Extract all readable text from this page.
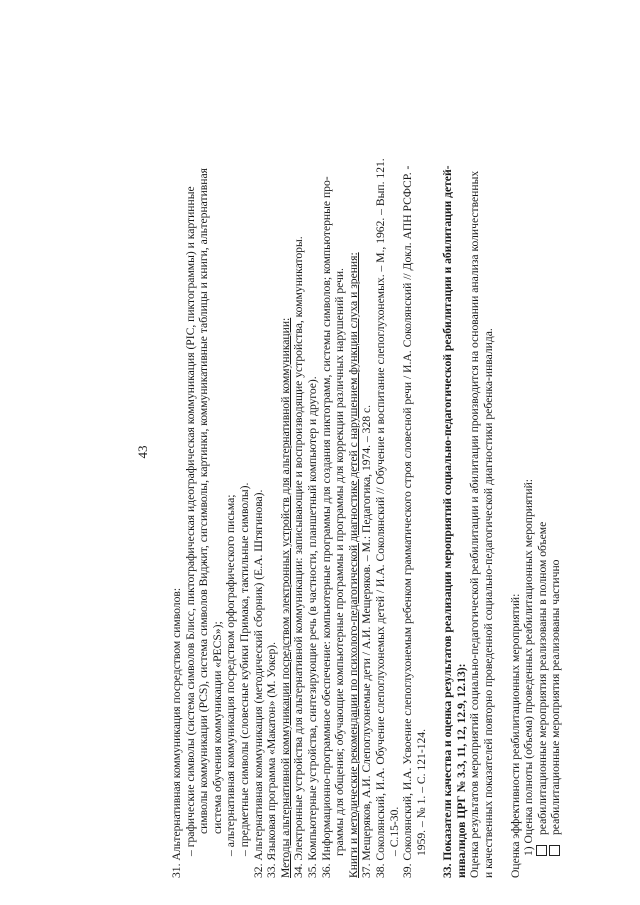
43
31. Альтернативная коммуникация посредством символов: – графические символы (система символов Блисс, пиктографическая идеографическая коммуникация (PIC, пиктограммы) и картинные символы коммуникации (PCS), система символов Виджит, сигсимволы, картинки, коммуникативные таблицы и книги, альтернативная система обучения коммуникации «PECS»); – альтернативная коммуникация посредством орфографического письма; – предметные символы (словесные кубики Примака, тактильные символы). 32. Альтернативная коммуникация (методический сборник) (Е.А. Штягинова). 33. Языковая программа «Макатон» (М. Уокер). Методы альтернативной коммуникации посредством электронных устройств для альтернативной коммуникации: 34. Электронные устройства для альтернативной коммуникации: записывающие и воспроизводящие устройства, коммуникаторы. 35. Компьютерные устройства, синтезирующие речь (в частности, планшетный компьютер и другое). 36. Информационно-программное обеспечение: компьютерные программы для создания пиктограмм, системы символов; компьютерные про- граммы для общения; обучающие компьютерные программы и программы для коррекции различных нарушений речи. Книги и методические рекомендации по психолого-педагогической диагностике детей с нарушением функции слуха и зрения: 37. Мещеряков, А.И. Слепоглухонемые дети / А.И. Мещеряков. – М.: Педагогика, 1974. – 328 с. 38. Соколянский, И.А. Обучение слепоглухонемых детей / И.А. Соколянский // Обучение и воспитание слепоглухонемых. – М., 1962. – Вып. 121. – С.15-30. 39. Соколянский, И.А. Усвоение слепоглухонемым ребенком грамматического строя словесной речи / И.А. Соколянский // Докл. АПН РСФСР. - 1959. – № 1. – С. 121-124. 33. Показатели качества и оценка результатов реализации мероприятий социально-педагогической реабилитации и абилитации детей- инвалидов ЦРГ № 3.3, 11, 12, 12.9, 12.13): Оценка результатов мероприятий социально-педагогической реабилитации и абилитации производится на основании анализа количественных и качественных показателей повторно проведенной социально-педагогической диагностики ребенка-инвалида. Оценка эффективности реабилитационных мероприятий: 1) Оценка полноты (объема) проведенных реабилитационных мероприятий: реабилитационные мероприятия реализованы в полном объеме реабилитационные мероприятия реализованы частично
